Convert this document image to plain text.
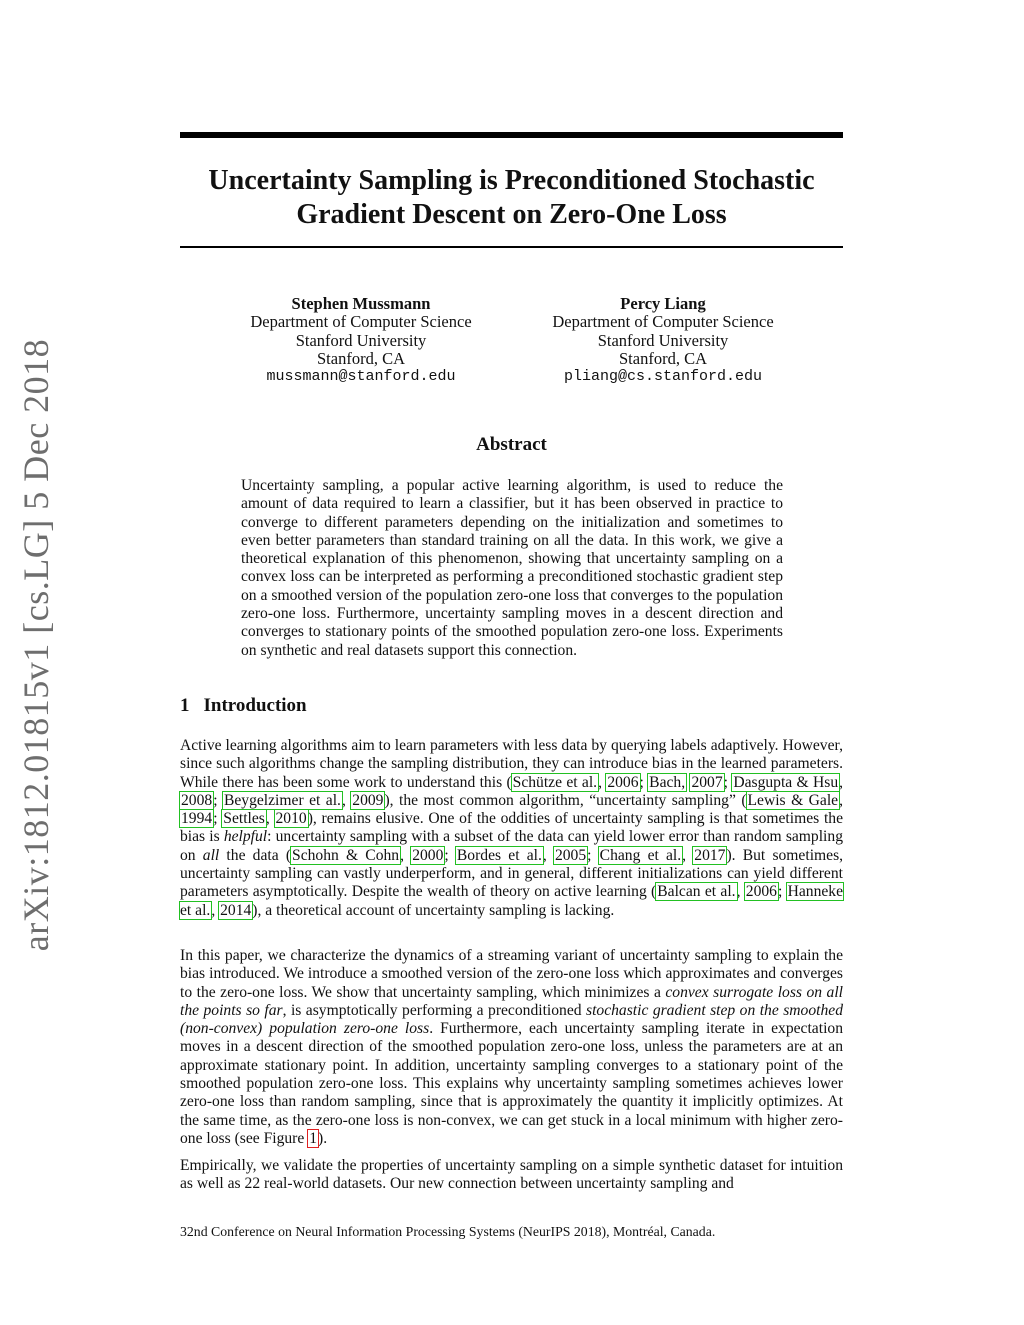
arXiv:1812.01815v1 [cs.LG] 5 Dec 2018
Uncertainty Sampling is Preconditioned Stochastic
Gradient Descent on Zero-One Loss
Stephen Mussmann
Department of Computer Science
Stanford University
Stanford, CA
mussmann@stanford.edu
Percy Liang
Department of Computer Science
Stanford University
Stanford, CA
pliang@cs.stanford.edu
Abstract

Uncertainty sampling, a popular active learning algorithm, is used to reduce the amount of data required to learn a classifier, but it has been observed in practice to converge to different parameters depending on the initialization and sometimes to even better parameters than standard training on all the data. In this work, we give a theoretical explanation of this phenomenon, showing that uncertainty sampling on a convex loss can be interpreted as performing a preconditioned stochastic gradient step on a smoothed version of the population zero-one loss that converges to the population zero-one loss. Furthermore, uncertainty sampling moves in a descent direction and converges to stationary points of the smoothed population zero-one loss. Experiments on synthetic and real datasets support this connection.

1 Introduction

Active learning algorithms aim to learn parameters with less data by querying labels adaptively. However, since such algorithms change the sampling distribution, they can introduce bias in the learned parameters. While there has been some work to understand this (Schütze et al., 2006; Bach, 2007; Dasgupta & Hsu, 2008; Beygelzimer et al., 2009), the most common algorithm, “uncertainty sampling” (Lewis & Gale, 1994; Settles, 2010), remains elusive. One of the oddities of uncertainty sampling is that sometimes the bias is helpful: uncertainty sampling with a subset of the data can yield lower error than random sampling on all the data (Schohn & Cohn, 2000; Bordes et al., 2005; Chang et al., 2017). But sometimes, uncertainty sampling can vastly underperform, and in general, different initializations can yield different parameters asymptotically. Despite the wealth of theory on active learning (Balcan et al., 2006; Hanneke et al., 2014), a theoretical account of uncertainty sampling is lacking.

In this paper, we characterize the dynamics of a streaming variant of uncertainty sampling to explain the bias introduced. We introduce a smoothed version of the zero-one loss which approximates and converges to the zero-one loss. We show that uncertainty sampling, which minimizes a convex surrogate loss on all the points so far, is asymptotically performing a preconditioned stochastic gradient step on the smoothed (non-convex) population zero-one loss. Furthermore, each uncertainty sampling iterate in expectation moves in a descent direction of the smoothed population zero-one loss, unless the parameters are at an approximate stationary point. In addition, uncertainty sampling converges to a stationary point of the smoothed population zero-one loss. This explains why uncertainty sampling sometimes achieves lower zero-one loss than random sampling, since that is approximately the quantity it implicitly optimizes. At the same time, as the zero-one loss is non-convex, we can get stuck in a local minimum with higher zero-one loss (see Figure 1).

Empirically, we validate the properties of uncertainty sampling on a simple synthetic dataset for intuition as well as 22 real-world datasets. Our new connection between uncertainty sampling and

32nd Conference on Neural Information Processing Systems (NeurIPS 2018), Montréal, Canada.
